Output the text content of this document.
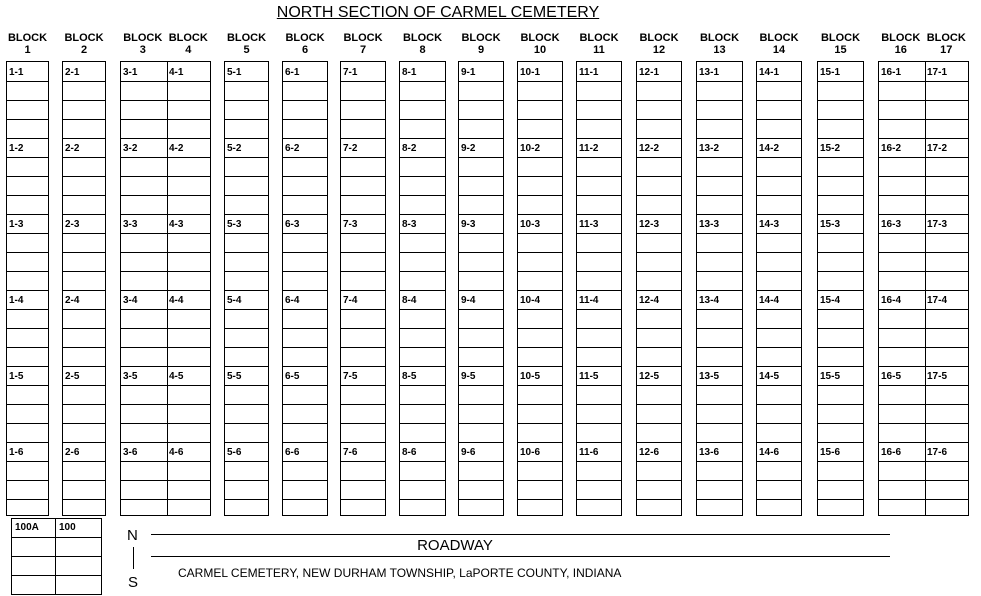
NORTH SECTION OF CARMEL CEMETERY
BLOCK
1
1-1
1-2
1-3
1-4
1-5
1-6
BLOCK
2
2-1
2-2
2-3
2-4
2-5
2-6
BLOCK
3
BLOCK
4
3-1
3-2
3-3
3-4
3-5
3-6
4-1
4-2
4-3
4-4
4-5
4-6
BLOCK
5
5-1
5-2
5-3
5-4
5-5
5-6
BLOCK
6
6-1
6-2
6-3
6-4
6-5
6-6
BLOCK
7
7-1
7-2
7-3
7-4
7-5
7-6
BLOCK
8
8-1
8-2
8-3
8-4
8-5
8-6
BLOCK
9
9-1
9-2
9-3
9-4
9-5
9-6
BLOCK
10
10-1
10-2
10-3
10-4
10-5
10-6
BLOCK
11
11-1
11-2
11-3
11-4
11-5
11-6
BLOCK
12
12-1
12-2
12-3
12-4
12-5
12-6
BLOCK
13
13-1
13-2
13-3
13-4
13-5
13-6
BLOCK
14
14-1
14-2
14-3
14-4
14-5
14-6
BLOCK
15
15-1
15-2
15-3
15-4
15-5
15-6
BLOCK
16
BLOCK
17
16-1
16-2
16-3
16-4
16-5
16-6
17-1
17-2
17-3
17-4
17-5
17-6
100A 100	N
S
ROADWAY
CARMEL CEMETERY, NEW DURHAM TOWNSHIP, LaPORTE COUNTY, INDIANA
